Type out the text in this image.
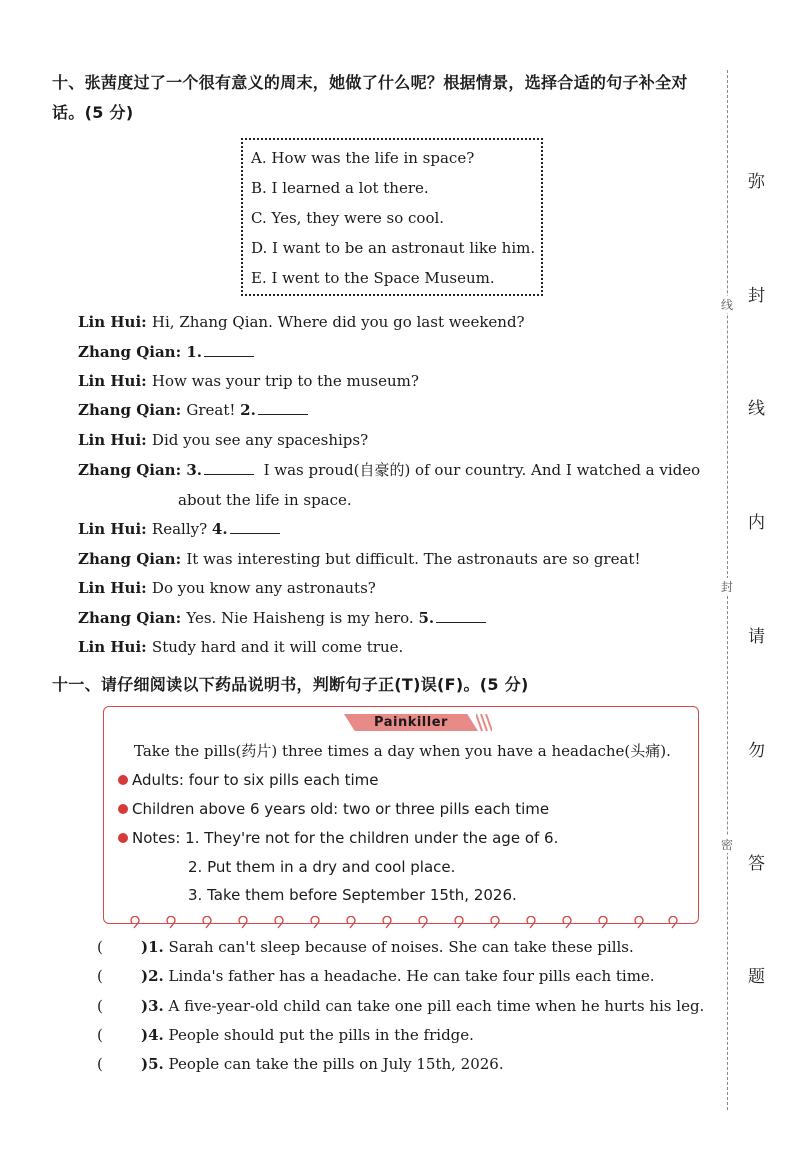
十、张茜度过了一个很有意义的周末，她做了什么呢？根据情景，选择合适的句子补全对话。(5 分)
A. How was the life in space?
B. I learned a lot there.
C. Yes, they were so cool.
D. I want to be an astronaut like him.
E. I went to the Space Museum.
Lin Hui: Hi, Zhang Qian. Where did you go last weekend?
Zhang Qian: 1.
Lin Hui: How was your trip to the museum?
Zhang Qian: Great! 2.
Lin Hui: Did you see any spaceships?
Zhang Qian: 3.	I was proud(自豪的) of our country. And I watched a video
about the life in space.
Lin Hui: Really? 4.
Zhang Qian: It was interesting but difficult. The astronauts are so great!
Lin Hui: Do you know any astronauts?
Zhang Qian: Yes. Nie Haisheng is my hero. 5.
Lin Hui: Study hard and it will come true.
十一、请仔细阅读以下药品说明书，判断句子正(T)误(F)。(5 分)
Painkiller
Take the pills(药片) three times a day when you have a headache(头痛).
Adults: four to six pills each time
Children above 6 years old: two or three pills each time
Notes: 1. They're not for the children under the age of 6.
2. Put them in a dry and cool place.
3. Take them before September 15th, 2026.
(	)1. Sarah can't sleep because of noises. She can take these pills.
(	)2. Linda's father has a headache. He can take four pills each time.
(	)3. A five-year-old child can take one pill each time when he hurts his leg.
(	)4. People should put the pills in the fridge.
(	)5. People can take the pills on July 15th, 2026.
线
封
密
弥
封
线
内
请
勿
答
题
